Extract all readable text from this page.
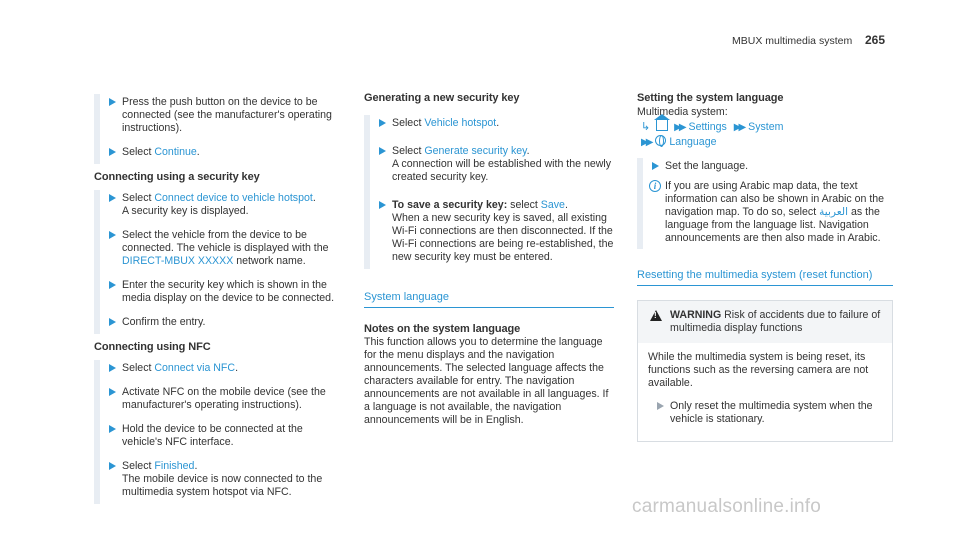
MBUX multimedia system 265
Press the push button on the device to be connected (see the manufacturer's operating instructions).
Select Continue.
Connecting using a security key
Select Connect device to vehicle hotspot.
A security key is displayed.
Select the vehicle from the device to be connected. The vehicle is displayed with the DIRECT-MBUX XXXXX network name.
Enter the security key which is shown in the media display on the device to be connected.
Confirm the entry.
Connecting using NFC
Select Connect via NFC.
Activate NFC on the mobile device (see the manufacturer's operating instructions).
Hold the device to be connected at the vehicle's NFC interface.
Select Finished.
The mobile device is now connected to the multimedia system hotspot via NFC.
Generating a new security key
Select Vehicle hotspot.
Select Generate security key.
A connection will be established with the newly created security key.
To save a security key: select Save.
When a new security key is saved, all existing Wi-Fi connections are then disconnected. If the Wi-Fi connections are being re-established, the new security key must be entered.
System language
Notes on the system language
This function allows you to determine the language for the menu displays and the navigation announcements. The selected language affects the characters available for entry. The navigation announcements are not available in all languages. If a language is not available, the navigation announcements will be in English.
Setting the system language
Multimedia system:
↳ ▶▶ Settings ▶▶ System
▶▶ Language
Set the language.
i If you are using Arabic map data, the text information can also be shown in Arabic on the navigation map. To do so, select العربية as the language from the language list. Navigation announcements are then also made in Arabic.
Resetting the multimedia system (reset function)
!
WARNING Risk of accidents due to failure of multimedia display functions
While the multimedia system is being reset, its functions such as the reversing camera are not available.
Only reset the multimedia system when the vehicle is stationary.
carmanualsonline.info
